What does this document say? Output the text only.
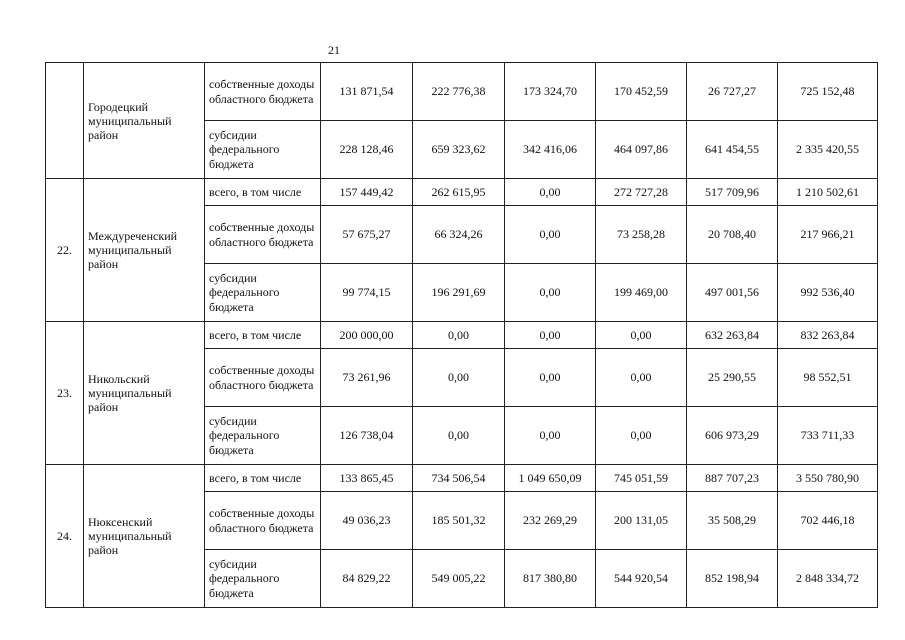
21
	Городецкий муниципальный район	собственные доходы областного бюджета	131 871,54	222 776,38	173 324,70	170 452,59	26 727,27	725 152,48
		субсидии федерального бюджета	228 128,46	659 323,62	342 416,06	464 097,86	641 454,55	2 335 420,55
22.	Междуреченский муниципальный район	всего, в том числе	157 449,42	262 615,95	0,00	272 727,28	517 709,96	1 210 502,61
		собственные доходы областного бюджета	57 675,27	66 324,26	0,00	73 258,28	20 708,40	217 966,21
		субсидии федерального бюджета	99 774,15	196 291,69	0,00	199 469,00	497 001,56	992 536,40
23.	Никольский муниципальный район	всего, в том числе	200 000,00	0,00	0,00	0,00	632 263,84	832 263,84
		собственные доходы областного бюджета	73 261,96	0,00	0,00	0,00	25 290,55	98 552,51
		субсидии федерального бюджета	126 738,04	0,00	0,00	0,00	606 973,29	733 711,33
24.	Нюксенский муниципальный район	всего, в том числе	133 865,45	734 506,54	1 049 650,09	745 051,59	887 707,23	3 550 780,90
		собственные доходы областного бюджета	49 036,23	185 501,32	232 269,29	200 131,05	35 508,29	702 446,18
		субсидии федерального бюджета	84 829,22	549 005,22	817 380,80	544 920,54	852 198,94	2 848 334,72
